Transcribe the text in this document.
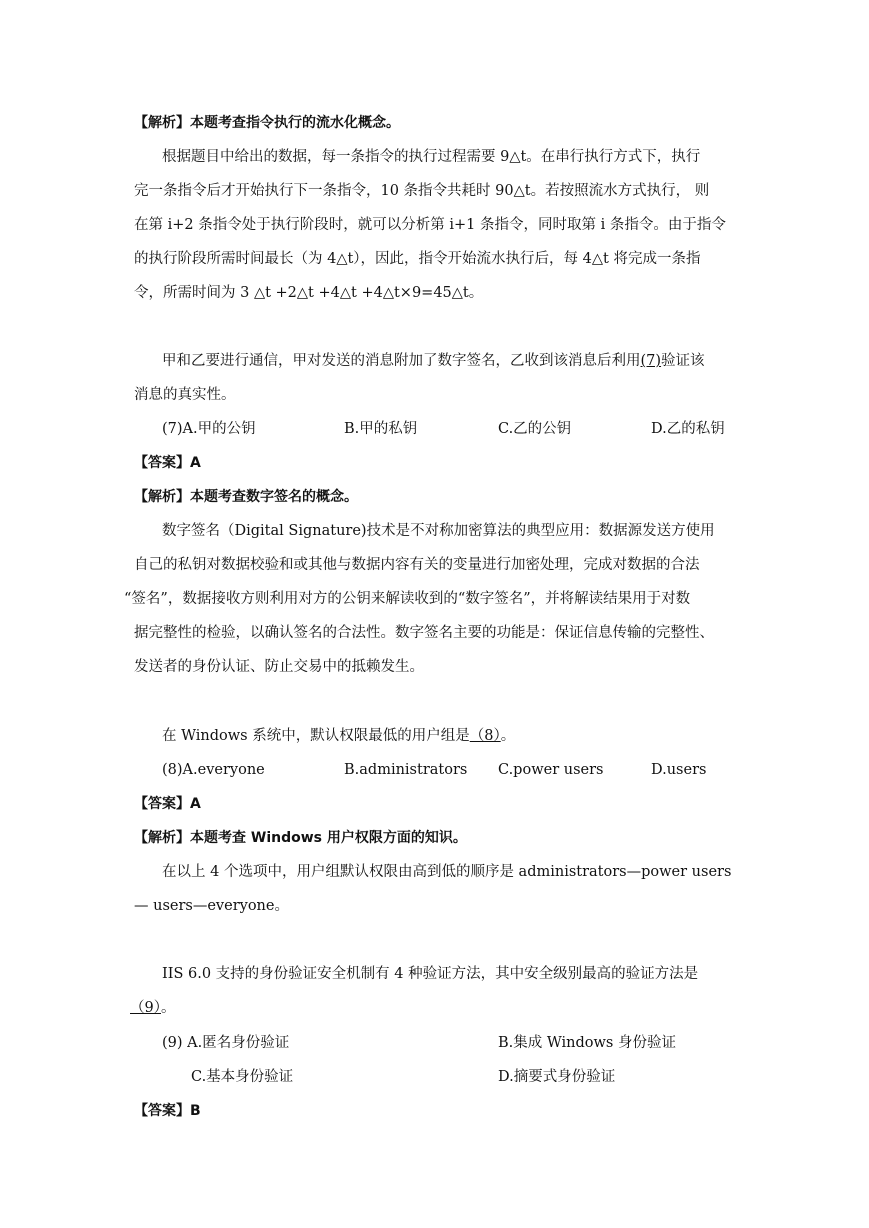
【解析】本题考查指令执行的流水化概念。
根据题目中给出的数据，每一条指令的执行过程需要 9△t。在串行执行方式下，执行
完一条指令后才开始执行下一条指令，10 条指令共耗时 90△t。若按照流水方式执行， 则
在第 i+2 条指令处于执行阶段时，就可以分析第 i+1 条指令，同时取第 i 条指令。由于指令
的执行阶段所需时间最长（为 4△t），因此，指令开始流水执行后，每 4△t 将完成一条指
令，所需时间为 3 △t +2△t +4△t +4△t×9=45△t。
甲和乙要进行通信，甲对发送的消息附加了数字签名，乙收到该消息后利用(7)验证该
消息的真实性。
(7)A.甲的公钥	B.甲的私钥	C.乙的公钥	D.乙的私钥
【答案】A
【解析】本题考查数字签名的概念。
数字签名（Digital Signature)技术是不对称加密算法的典型应用：数据源发送方使用
自己的私钥对数据校验和或其他与数据内容有关的变量进行加密处理，完成对数据的合法
“签名”，数据接收方则利用对方的公钥来解读收到的“数字签名”，并将解读结果用于对数
据完整性的检验，以确认签名的合法性。数字签名主要的功能是：保证信息传输的完整性、
发送者的身份认证、防止交易中的抵赖发生。
在 Windows 系统中，默认权限最低的用户组是（8）。
(8)A.everyone	B.administrators C.power users	D.users
【答案】A
【解析】本题考查 Windows 用户权限方面的知识。
在以上 4 个选项中，用户组默认权限由高到低的顺序是 administrators—power users
— users—everyone。
IIS 6.0 支持的身份验证安全机制有 4 种验证方法，其中安全级别最高的验证方法是
（9）。
(9) A.匿名身份验证	B.集成 Windows 身份验证
C.基本身份验证	D.摘要式身份验证
【答案】B
